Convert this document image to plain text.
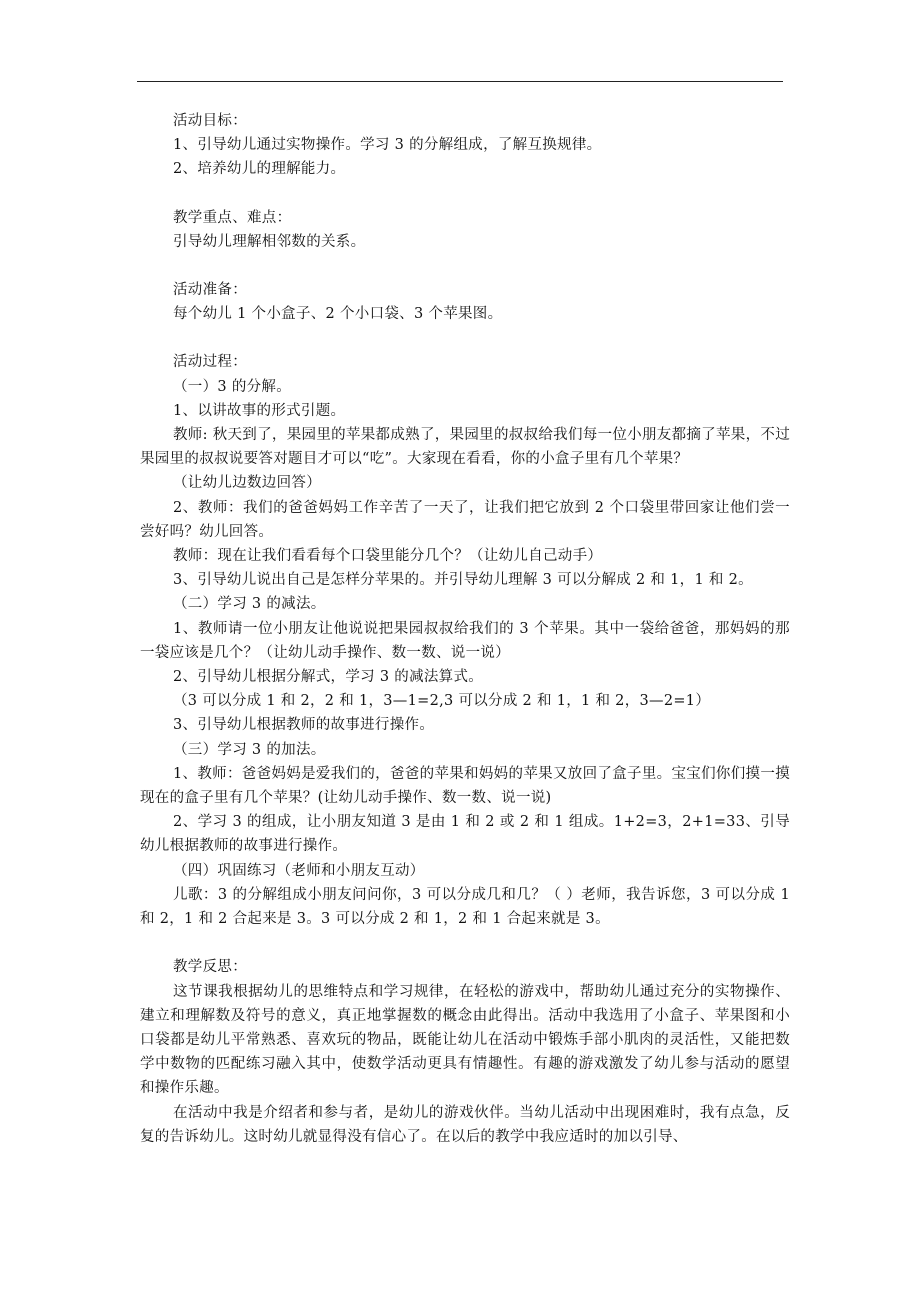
活动目标：

1、引导幼儿通过实物操作。学习 3 的分解组成，了解互换规律。

2、培养幼儿的理解能力。

教学重点、难点：

引导幼儿理解相邻数的关系。

活动准备：

每个幼儿 1 个小盒子、2 个小口袋、3 个苹果图。

活动过程：

（一）3 的分解。

1、以讲故事的形式引题。

教师: 秋天到了，果园里的苹果都成熟了，果园里的叔叔给我们每一位小朋友都摘了苹果，不过果园里的叔叔说要答对题目才可以“吃”。大家现在看看，你的小盒子里有几个苹果？

（让幼儿边数边回答）

2、教师：我们的爸爸妈妈工作辛苦了一天了，让我们把它放到 2 个口袋里带回家让他们尝一尝好吗？幼儿回答。

教师：现在让我们看看每个口袋里能分几个？（让幼儿自己动手）

3、引导幼儿说出自己是怎样分苹果的。并引导幼儿理解 3 可以分解成 2 和 1，1 和 2。

（二）学习 3 的减法。

1、教师请一位小朋友让他说说把果园叔叔给我们的 3 个苹果。其中一袋给爸爸，那妈妈的那一袋应该是几个？（让幼儿动手操作、数一数、说一说）

2、引导幼儿根据分解式，学习 3 的减法算式。

（3 可以分成 1 和 2，2 和 1，3—1=2,3 可以分成 2 和 1，1 和 2，3—2=1）

3、引导幼儿根据教师的故事进行操作。

（三）学习 3 的加法。

1、教师：爸爸妈妈是爱我们的，爸爸的苹果和妈妈的苹果又放回了盒子里。宝宝们你们摸一摸现在的盒子里有几个苹果？(让幼儿动手操作、数一数、说一说)

2、学习 3 的组成，让小朋友知道 3 是由 1 和 2 或 2 和 1 组成。1+2=3，2+1=33、引导幼儿根据教师的故事进行操作。

（四）巩固练习（老师和小朋友互动）

儿歌：3 的分解组成小朋友问问你，3 可以分成几和几？（ ）老师，我告诉您，3 可以分成 1 和 2，1 和 2 合起来是 3。3 可以分成 2 和 1，2 和 1 合起来就是 3。

教学反思：

这节课我根据幼儿的思维特点和学习规律，在轻松的游戏中，帮助幼儿通过充分的实物操作、建立和理解数及符号的意义，真正地掌握数的概念由此得出。活动中我选用了小盒子、苹果图和小口袋都是幼儿平常熟悉、喜欢玩的物品，既能让幼儿在活动中锻炼手部小肌肉的灵活性，又能把数学中数物的匹配练习融入其中，使数学活动更具有情趣性。有趣的游戏激发了幼儿参与活动的愿望和操作乐趣。

在活动中我是介绍者和参与者，是幼儿的游戏伙伴。当幼儿活动中出现困难时，我有点急，反复的告诉幼儿。这时幼儿就显得没有信心了。在以后的教学中我应适时的加以引导、
